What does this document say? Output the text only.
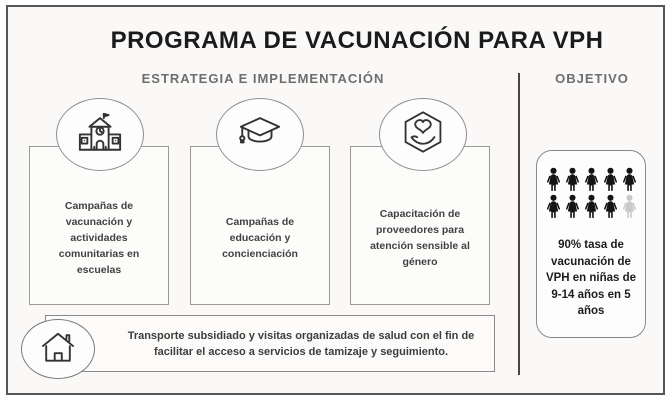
PROGRAMA DE VACUNACIÓN PARA VPH
ESTRATEGIA E IMPLEMENTACIÓN	OBJETIVO
Campañas de vacunación y actividades comunitarias en escuelas
Campañas de educación y concienciación
Capacitación de proveedores para atención sensible al género
Transporte subsidiado y visitas organizadas de salud con el fin de
facilitar el acceso a servicios de tamizaje y seguimiento.
90% tasa de vacunación de VPH en niñas de 9-14 años en 5 años
